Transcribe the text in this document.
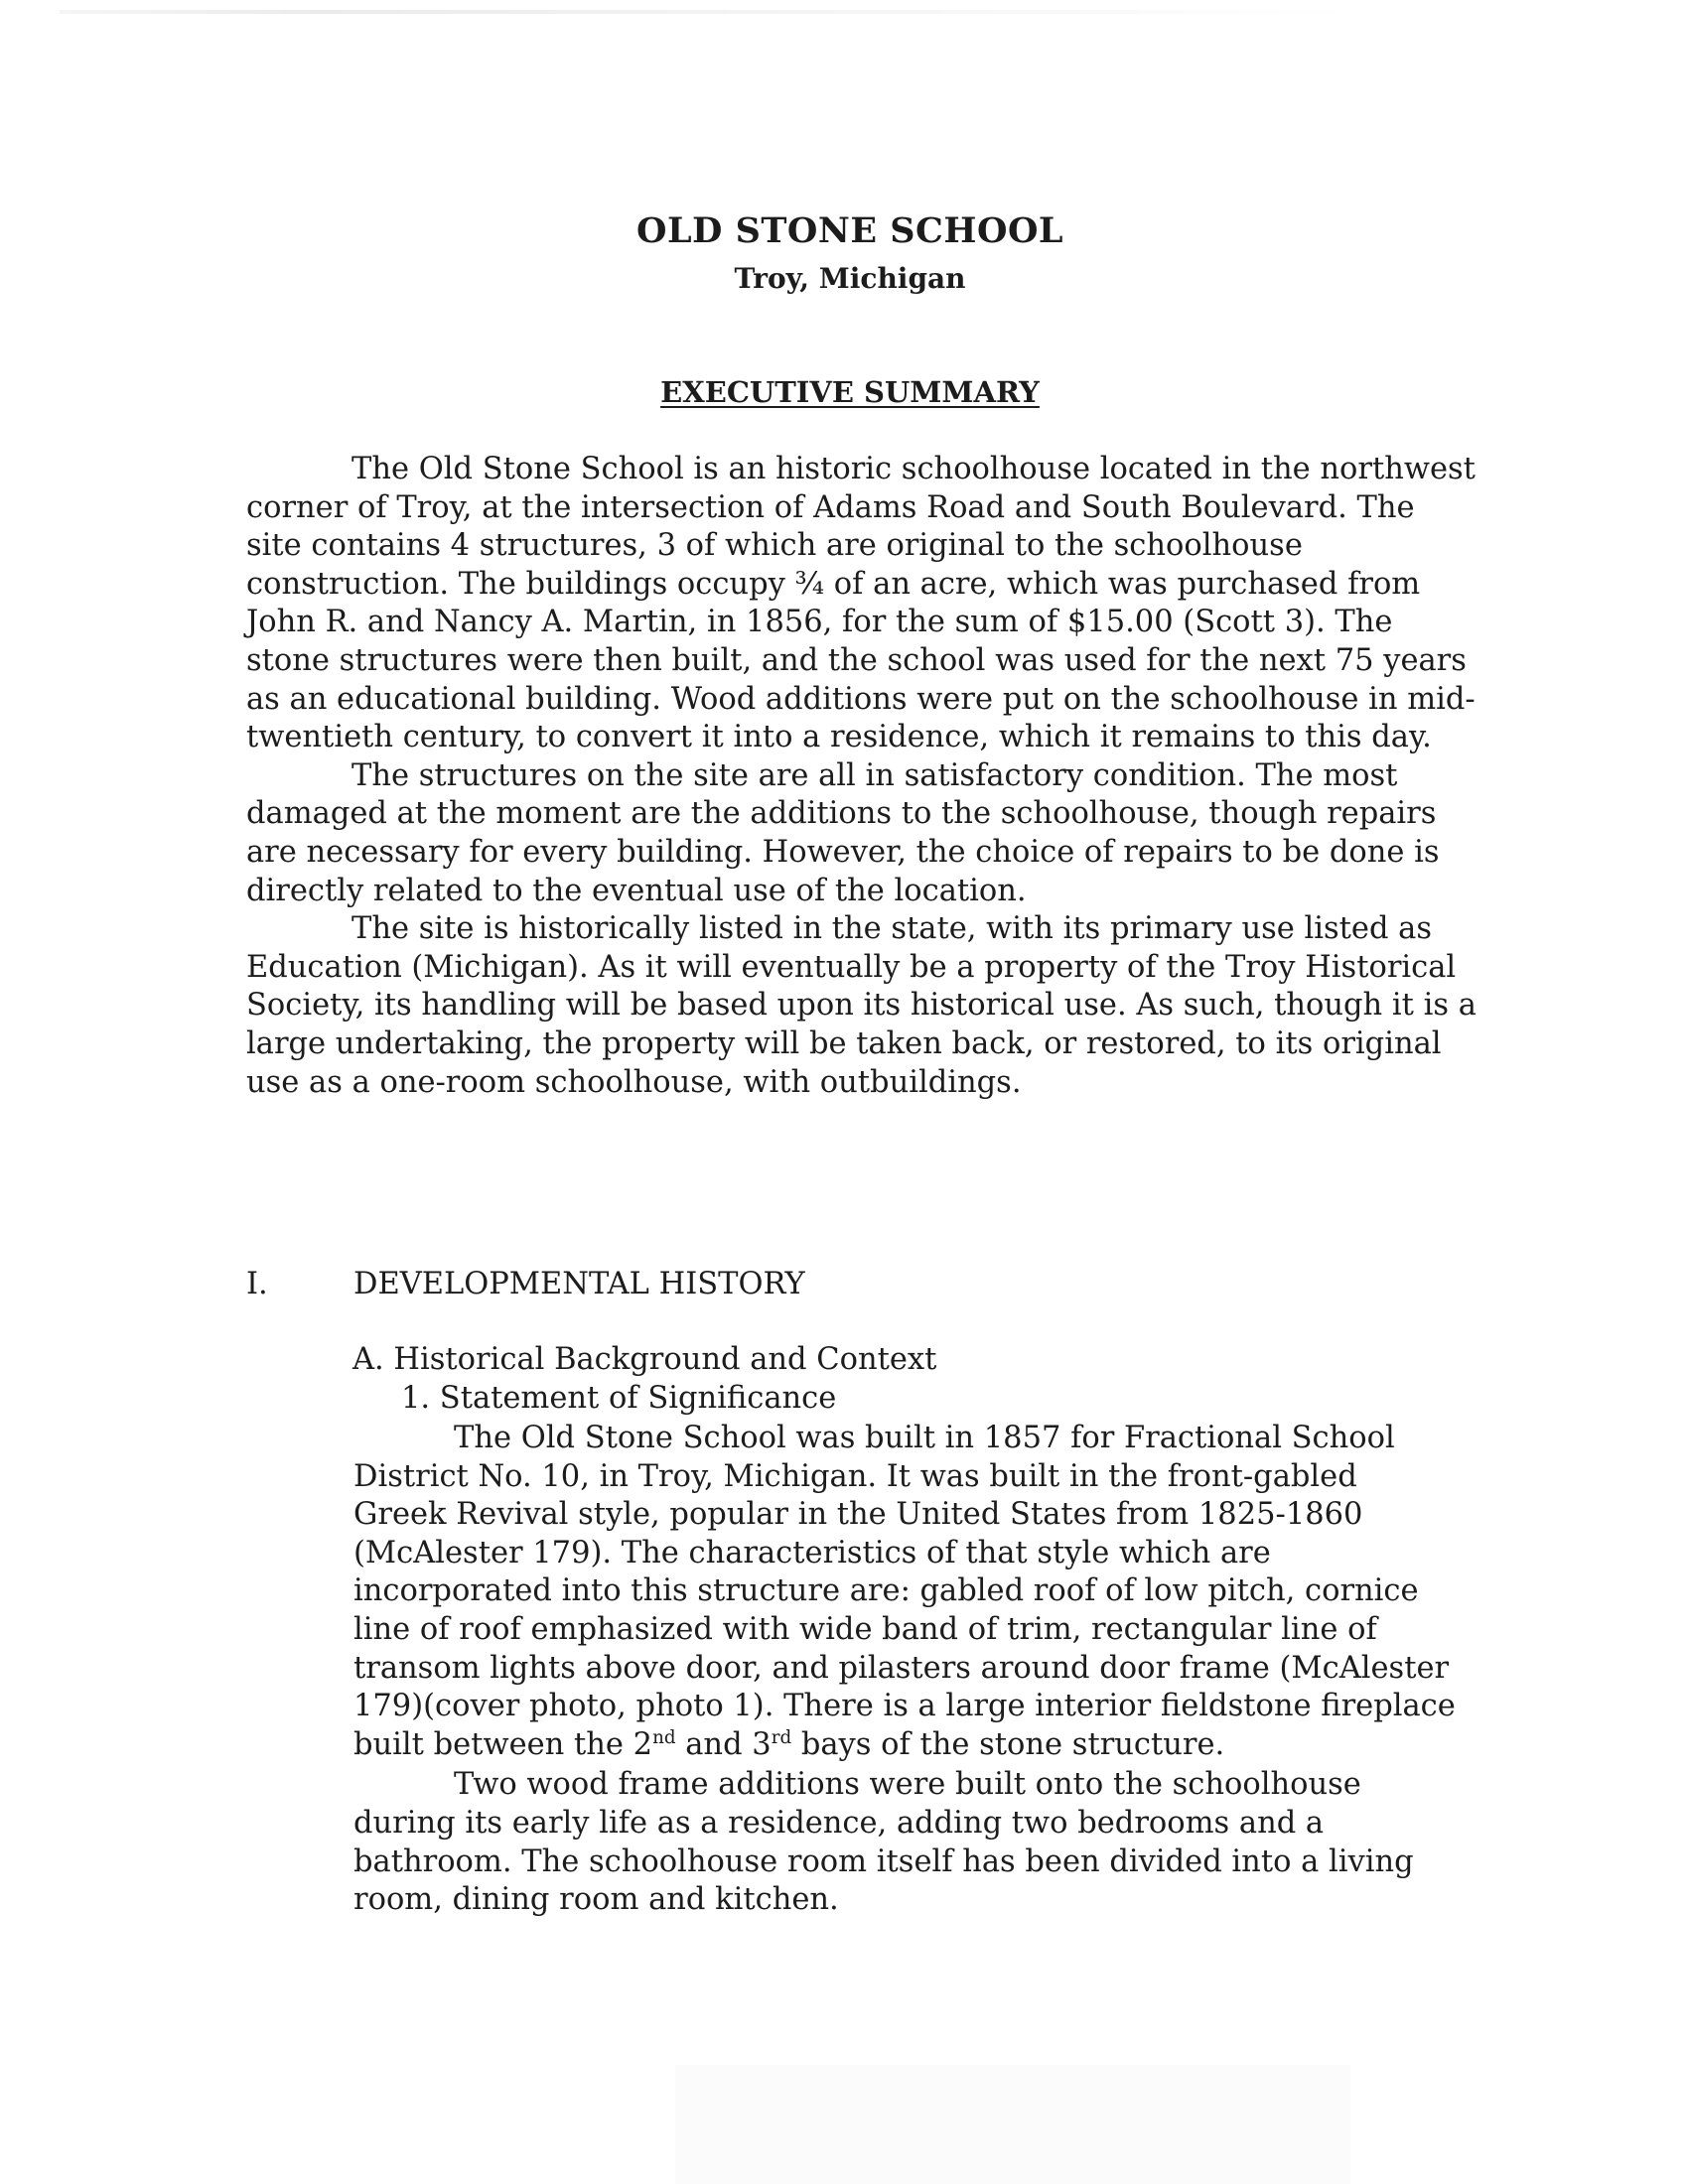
OLD STONE SCHOOL
Troy, Michigan
EXECUTIVE SUMMARY

The Old Stone School is an historic schoolhouse located in the northwest corner of Troy, at the intersection of Adams Road and South Boulevard. The site contains 4 structures, 3 of which are original to the schoolhouse construction. The buildings occupy ¾ of an acre, which was purchased from John R. and Nancy A. Martin, in 1856, for the sum of $15.00 (Scott 3). The stone structures were then built, and the school was used for the next 75 years as an educational building. Wood additions were put on the schoolhouse in mid-twentieth century, to convert it into a residence, which it remains to this day.

The structures on the site are all in satisfactory condition. The most damaged at the moment are the additions to the schoolhouse, though repairs are necessary for every building. However, the choice of repairs to be done is directly related to the eventual use of the location.

The site is historically listed in the state, with its primary use listed as Education (Michigan). As it will eventually be a property of the Troy Historical Society, its handling will be based upon its historical use. As such, though it is a large undertaking, the property will be taken back, or restored, to its original use as a one-room schoolhouse, with outbuildings.

I.	DEVELOPMENTAL HISTORY
A. Historical Background and Context
1. Statement of Significance

The Old Stone School was built in 1857 for Fractional School District No. 10, in Troy, Michigan. It was built in the front-gabled Greek Revival style, popular in the United States from 1825-1860 (McAlester 179). The characteristics of that style which are incorporated into this structure are: gabled roof of low pitch, cornice line of roof emphasized with wide band of trim, rectangular line of transom lights above door, and pilasters around door frame (McAlester 179)(cover photo, photo 1). There is a large interior fieldstone fireplace built between the 2nd and 3rd bays of the stone structure.

Two wood frame additions were built onto the schoolhouse during its early life as a residence, adding two bedrooms and a bathroom. The schoolhouse room itself has been divided into a living room, dining room and kitchen.
